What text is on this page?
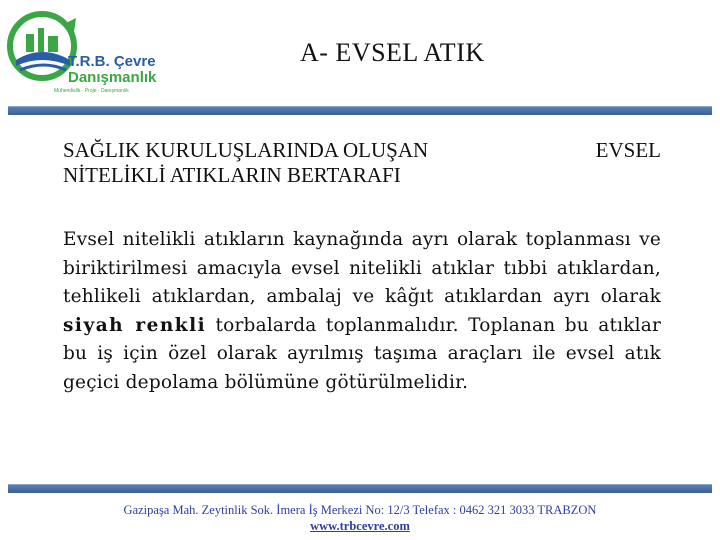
T.R.B. Çevre
Danışmanlık
Mühendislik · Proje · Danışmanlık
A- EVSEL ATIK
SAĞLIK KURULUŞLARINDA OLUŞAN	EVSEL
NİTELİKLİ ATIKLARIN BERTARAFI
Evsel nitelikli atıkların kaynağında ayrı olarak toplanması ve biriktirilmesi amacıyla evsel nitelikli atıklar tıbbi atıklardan, tehlikeli atıklardan, ambalaj ve kâğıt atıklardan ayrı olarak siyah renkli torbalarda toplanmalıdır. Toplanan bu atıklar bu iş için özel olarak ayrılmış taşıma araçları ile evsel atık geçici depolama bölümüne götürülmelidir.
Gazipaşa Mah. Zeytinlik Sok. İmera İş Merkezi No: 12/3 Telefax : 0462 321 3033 TRABZON
www.trbcevre.com
